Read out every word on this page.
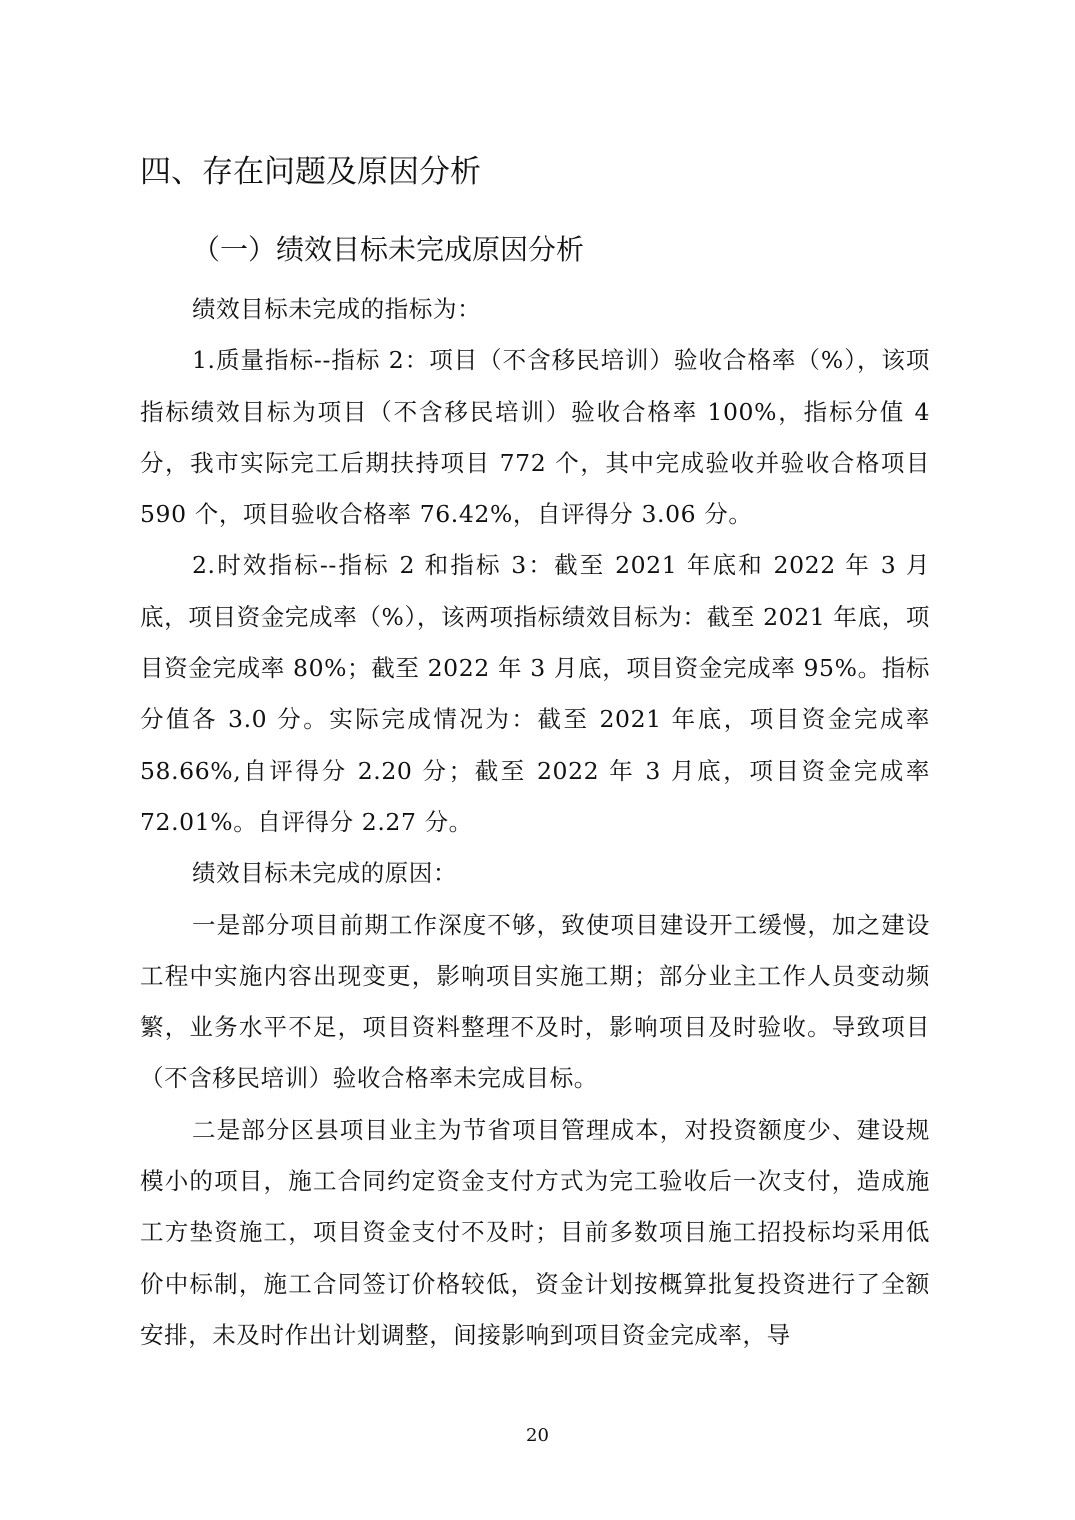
四、存在问题及原因分析
（一）绩效目标未完成原因分析

绩效目标未完成的指标为：

1.质量指标--指标 2：项目（不含移民培训）验收合格率（%），该项指标绩效目标为项目（不含移民培训）验收合格率 100%，指标分值 4 分，我市实际完工后期扶持项目 772 个，其中完成验收并验收合格项目 590 个，项目验收合格率 76.42%，自评得分 3.06 分。

2.时效指标--指标 2 和指标 3：截至 2021 年底和 2022 年 3 月底，项目资金完成率（%），该两项指标绩效目标为：截至 2021 年底，项目资金完成率 80%；截至 2022 年 3 月底，项目资金完成率 95%。指标分值各 3.0 分。实际完成情况为：截至 2021 年底，项目资金完成率 58.66%,自评得分 2.20 分；截至 2022 年 3 月底，项目资金完成率 72.01%。自评得分 2.27 分。

绩效目标未完成的原因：

一是部分项目前期工作深度不够，致使项目建设开工缓慢，加之建设工程中实施内容出现变更，影响项目实施工期；部分业主工作人员变动频繁，业务水平不足，项目资料整理不及时，影响项目及时验收。导致项目（不含移民培训）验收合格率未完成目标。

二是部分区县项目业主为节省项目管理成本，对投资额度少、建设规模小的项目，施工合同约定资金支付方式为完工验收后一次支付，造成施工方垫资施工，项目资金支付不及时；目前多数项目施工招投标均采用低价中标制，施工合同签订价格较低，资金计划按概算批复投资进行了全额安排，未及时作出计划调整，间接影响到项目资金完成率，导

20
